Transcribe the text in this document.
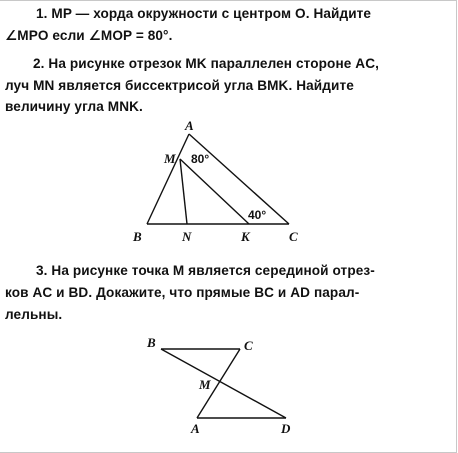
1. MP — хорда окружности с центром O. Найдите
∠MPO если ∠MOP = 80°.
2. На рисунке отрезок MK параллелен стороне AC,
луч MN является биссектрисой угла BMK. Найдите
величину угла MNK.
3. На рисунке точка M является серединой отрез-
ков AC и BD. Докажите, что прямые BC и AD парал-
лельны.
A
M
B	N	K	C
80°
40°
B	C
M
A	D
